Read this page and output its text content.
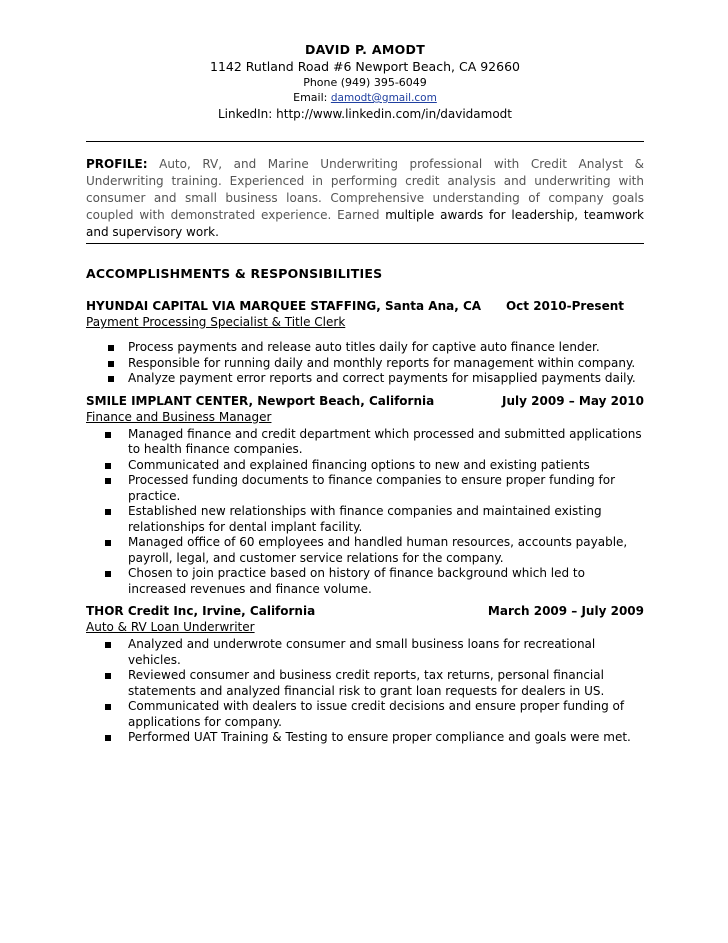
DAVID P. AMODT
1142 Rutland Road #6 Newport Beach, CA 92660
Phone (949) 395-6049
Email: damodt@gmail.com
LinkedIn: http://www.linkedin.com/in/davidamodt
PROFILE: Auto, RV, and Marine Underwriting professional with Credit Analyst & Underwriting training. Experienced in performing credit analysis and underwriting with consumer and small business loans. Comprehensive understanding of company goals coupled with demonstrated experience. Earned multiple awards for leadership, teamwork and supervisory work.
ACCOMPLISHMENTS & RESPONSIBILITIES
HYUNDAI CAPITAL VIA MARQUEE STAFFING, Santa Ana, CA Oct 2010-Present
Payment Processing Specialist & Title Clerk
Process payments and release auto titles daily for captive auto finance lender.
Responsible for running daily and monthly reports for management within company.
Analyze payment error reports and correct payments for misapplied payments daily.
SMILE IMPLANT CENTER, Newport Beach, California	July 2009 – May 2010
Finance and Business Manager
Managed finance and credit department which processed and submitted applications to health finance companies.
Communicated and explained financing options to new and existing patients
Processed funding documents to finance companies to ensure proper funding for practice.
Established new relationships with finance companies and maintained existing relationships for dental implant facility.
Managed office of 60 employees and handled human resources, accounts payable, payroll, legal, and customer service relations for the company.
Chosen to join practice based on history of finance background which led to increased revenues and finance volume.
THOR Credit Inc, Irvine, California	March 2009 – July 2009
Auto & RV Loan Underwriter
Analyzed and underwrote consumer and small business loans for recreational vehicles.
Reviewed consumer and business credit reports, tax returns, personal financial statements and analyzed financial risk to grant loan requests for dealers in US.
Communicated with dealers to issue credit decisions and ensure proper funding of applications for company.
Performed UAT Training & Testing to ensure proper compliance and goals were met.
